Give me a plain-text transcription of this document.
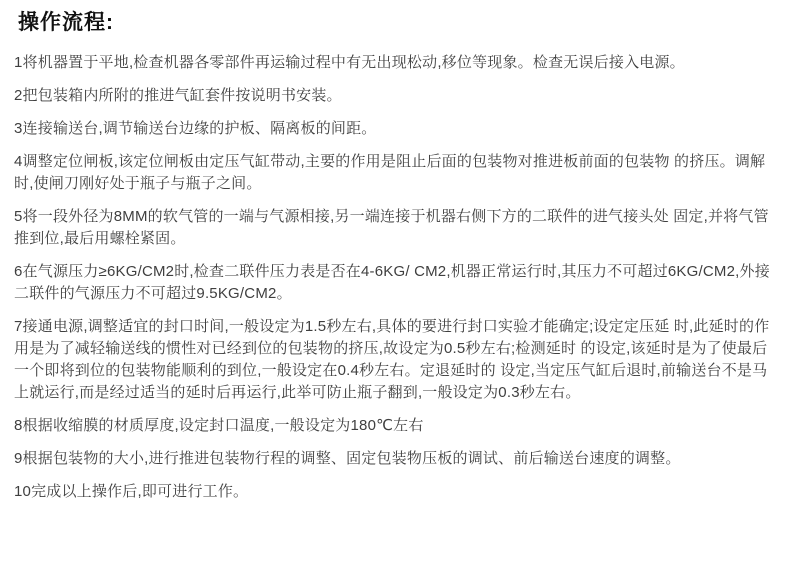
操作流程:

1将机器置于平地,检查机器各零部件再运输过程中有无出现松动,移位等现象。检查无误后接入电源。

2把包装箱内所附的推进气缸套件按说明书安装。

3连接输送台,调节输送台边缘的护板、隔离板的间距。

4调整定位闸板,该定位闸板由定压气缸带动,主要的作用是阻止后面的包装物对推进板前面的包装物 的挤压。调解时,使闸刀刚好处于瓶子与瓶子之间。

5将一段外径为8MM的软气管的一端与气源相接,另一端连接于机器右侧下方的二联件的进气接头处 固定,并将气管推到位,最后用螺栓紧固。

6在气源压力≥6KG/CM2时,检查二联件压力表是否在4-6KG/ CM2,机器正常运行时,其压力不可超过6KG/CM2,外接二联件的气源压力不可超过9.5KG/CM2。

7接通电源,调整适宜的封口时间,一般设定为1.5秒左右,具体的要进行封口实验才能确定;设定定压延 时,此延时的作用是为了减轻输送线的惯性对已经到位的包装物的挤压,故设定为0.5秒左右;检测延时 的设定,该延时是为了使最后一个即将到位的包装物能顺利的到位,一般设定在0.4秒左右。定退延时的 设定,当定压气缸后退时,前输送台不是马上就运行,而是经过适当的延时后再运行,此举可防止瓶子翻到,一般设定为0.3秒左右。

8根据收缩膜的材质厚度,设定封口温度,一般设定为180℃左右

9根据包装物的大小,进行推进包装物行程的调整、固定包装物压板的调试、前后输送台速度的调整。

10完成以上操作后,即可进行工作。
